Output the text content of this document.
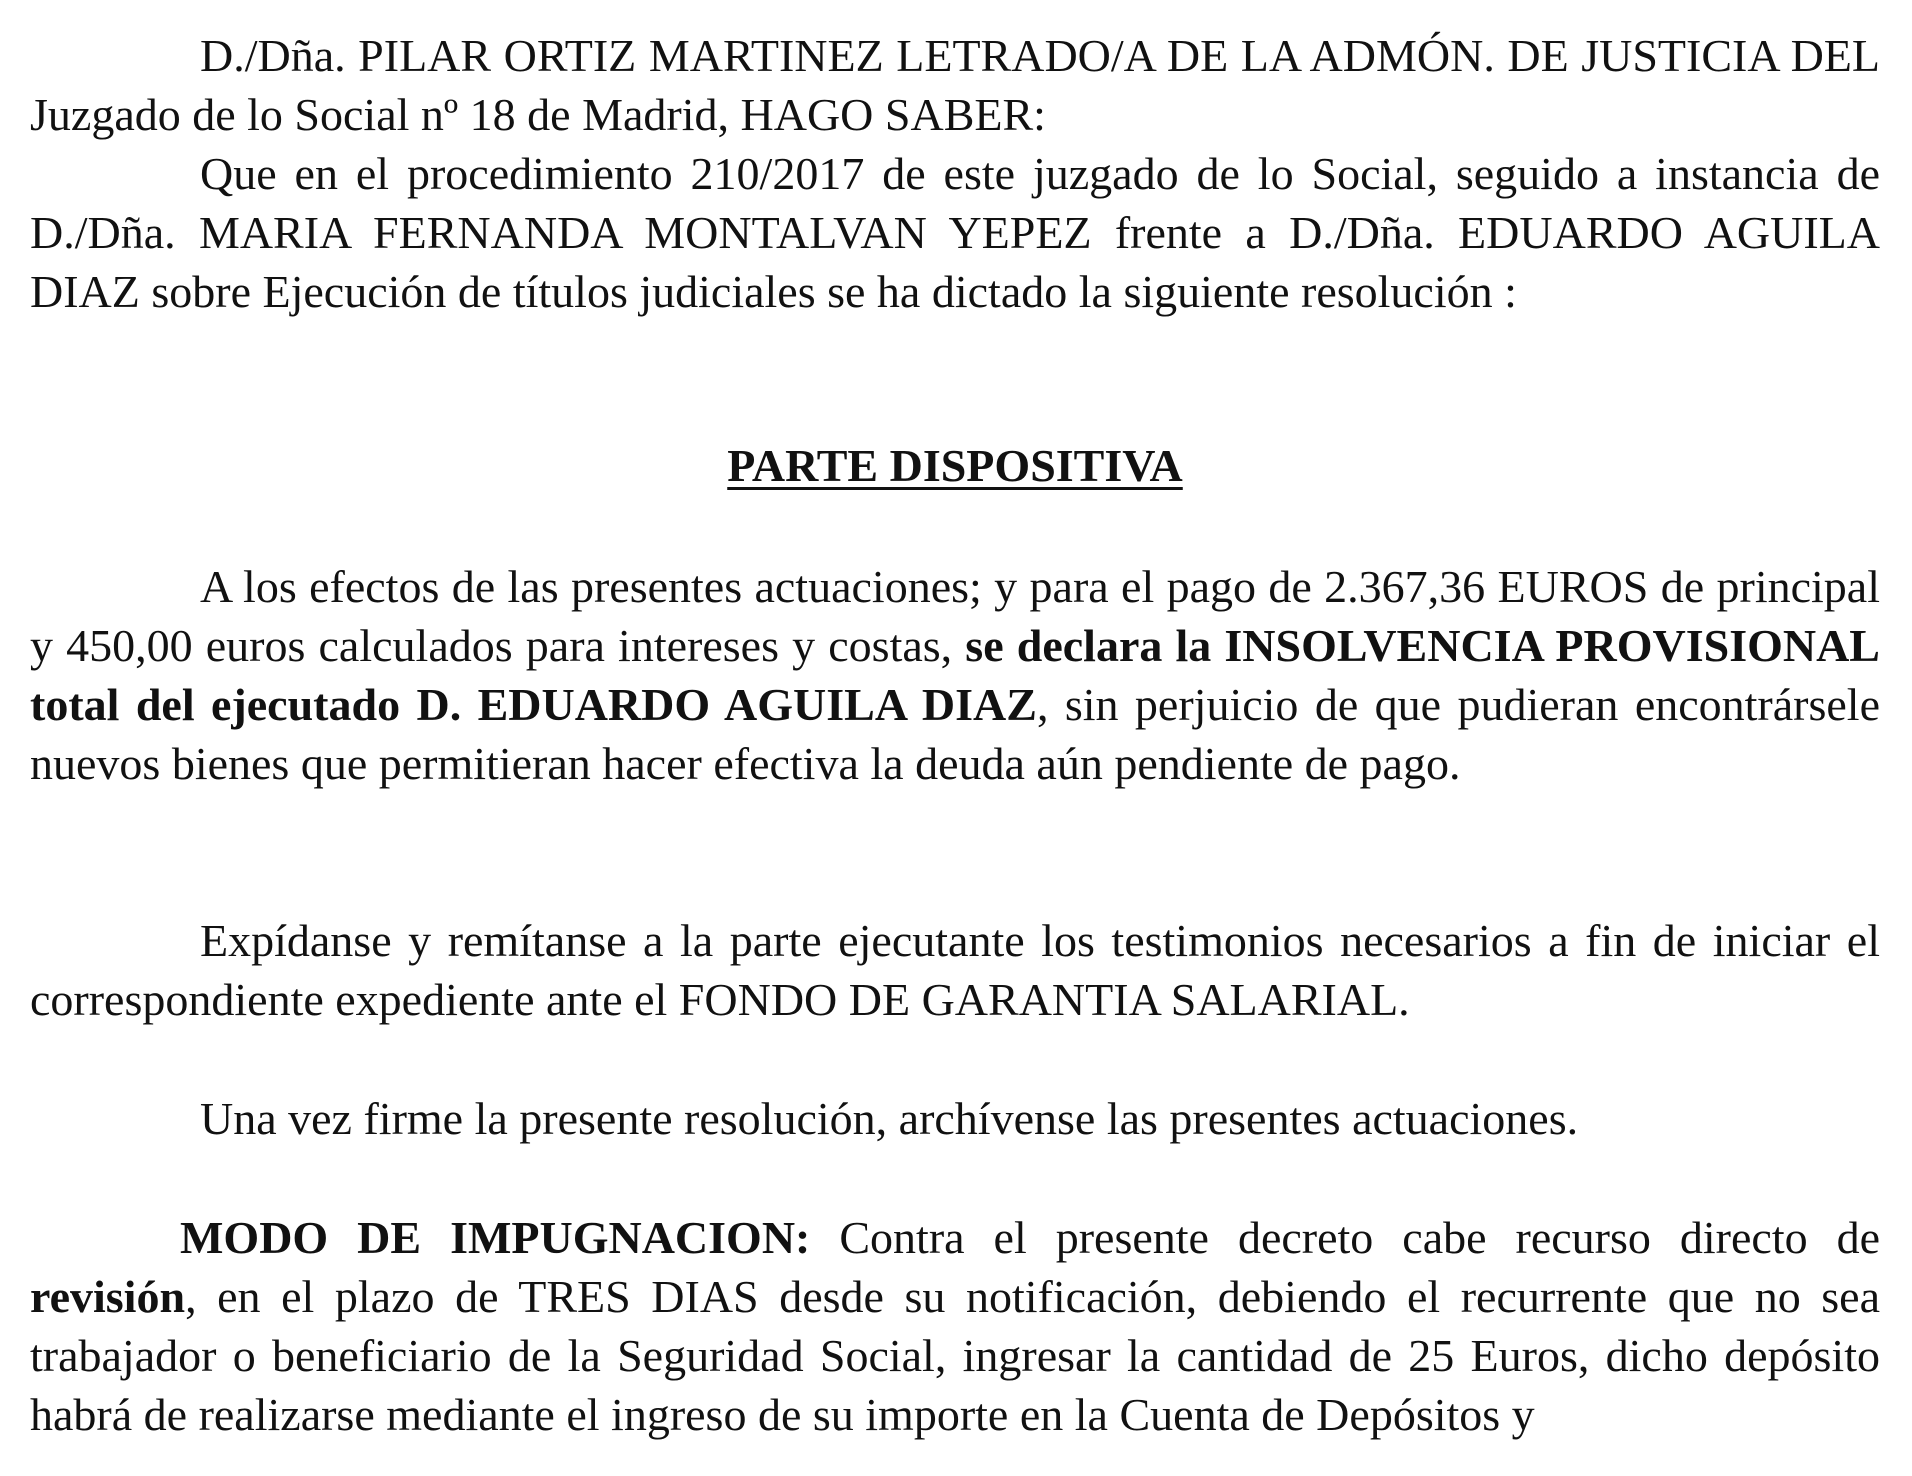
D./Dña. PILAR ORTIZ MARTINEZ LETRADO/A DE LA ADMÓN. DE JUSTICIA DEL Juzgado de lo Social nº 18 de Madrid, HAGO SABER:

Que en el procedimiento 210/2017 de este juzgado de lo Social, seguido a instancia de D./Dña. MARIA FERNANDA MONTALVAN YEPEZ frente a D./Dña. EDUARDO AGUILA DIAZ sobre Ejecución de títulos judiciales se ha dictado la siguiente resolución :

PARTE DISPOSITIVA

A los efectos de las presentes actuaciones; y para el pago de 2.367,36 EUROS de principal y 450,00 euros calculados para intereses y costas, se declara la INSOLVENCIA PROVISIONAL total del ejecutado D. EDUARDO AGUILA DIAZ, sin perjuicio de que pudieran encontrársele nuevos bienes que permitieran hacer efectiva la deuda aún pendiente de pago.

Expídanse y remítanse a la parte ejecutante los testimonios necesarios a fin de iniciar el correspondiente expediente ante el FONDO DE GARANTIA SALARIAL.

Una vez firme la presente resolución, archívense las presentes actuaciones.

MODO DE IMPUGNACION: Contra el presente decreto cabe recurso directo de revisión, en el plazo de TRES DIAS desde su notificación, debiendo el recurrente que no sea trabajador o beneficiario de la Seguridad Social, ingresar la cantidad de 25 Euros, dicho depósito habrá de realizarse mediante el ingreso de su importe en la Cuenta de Depósitos y
